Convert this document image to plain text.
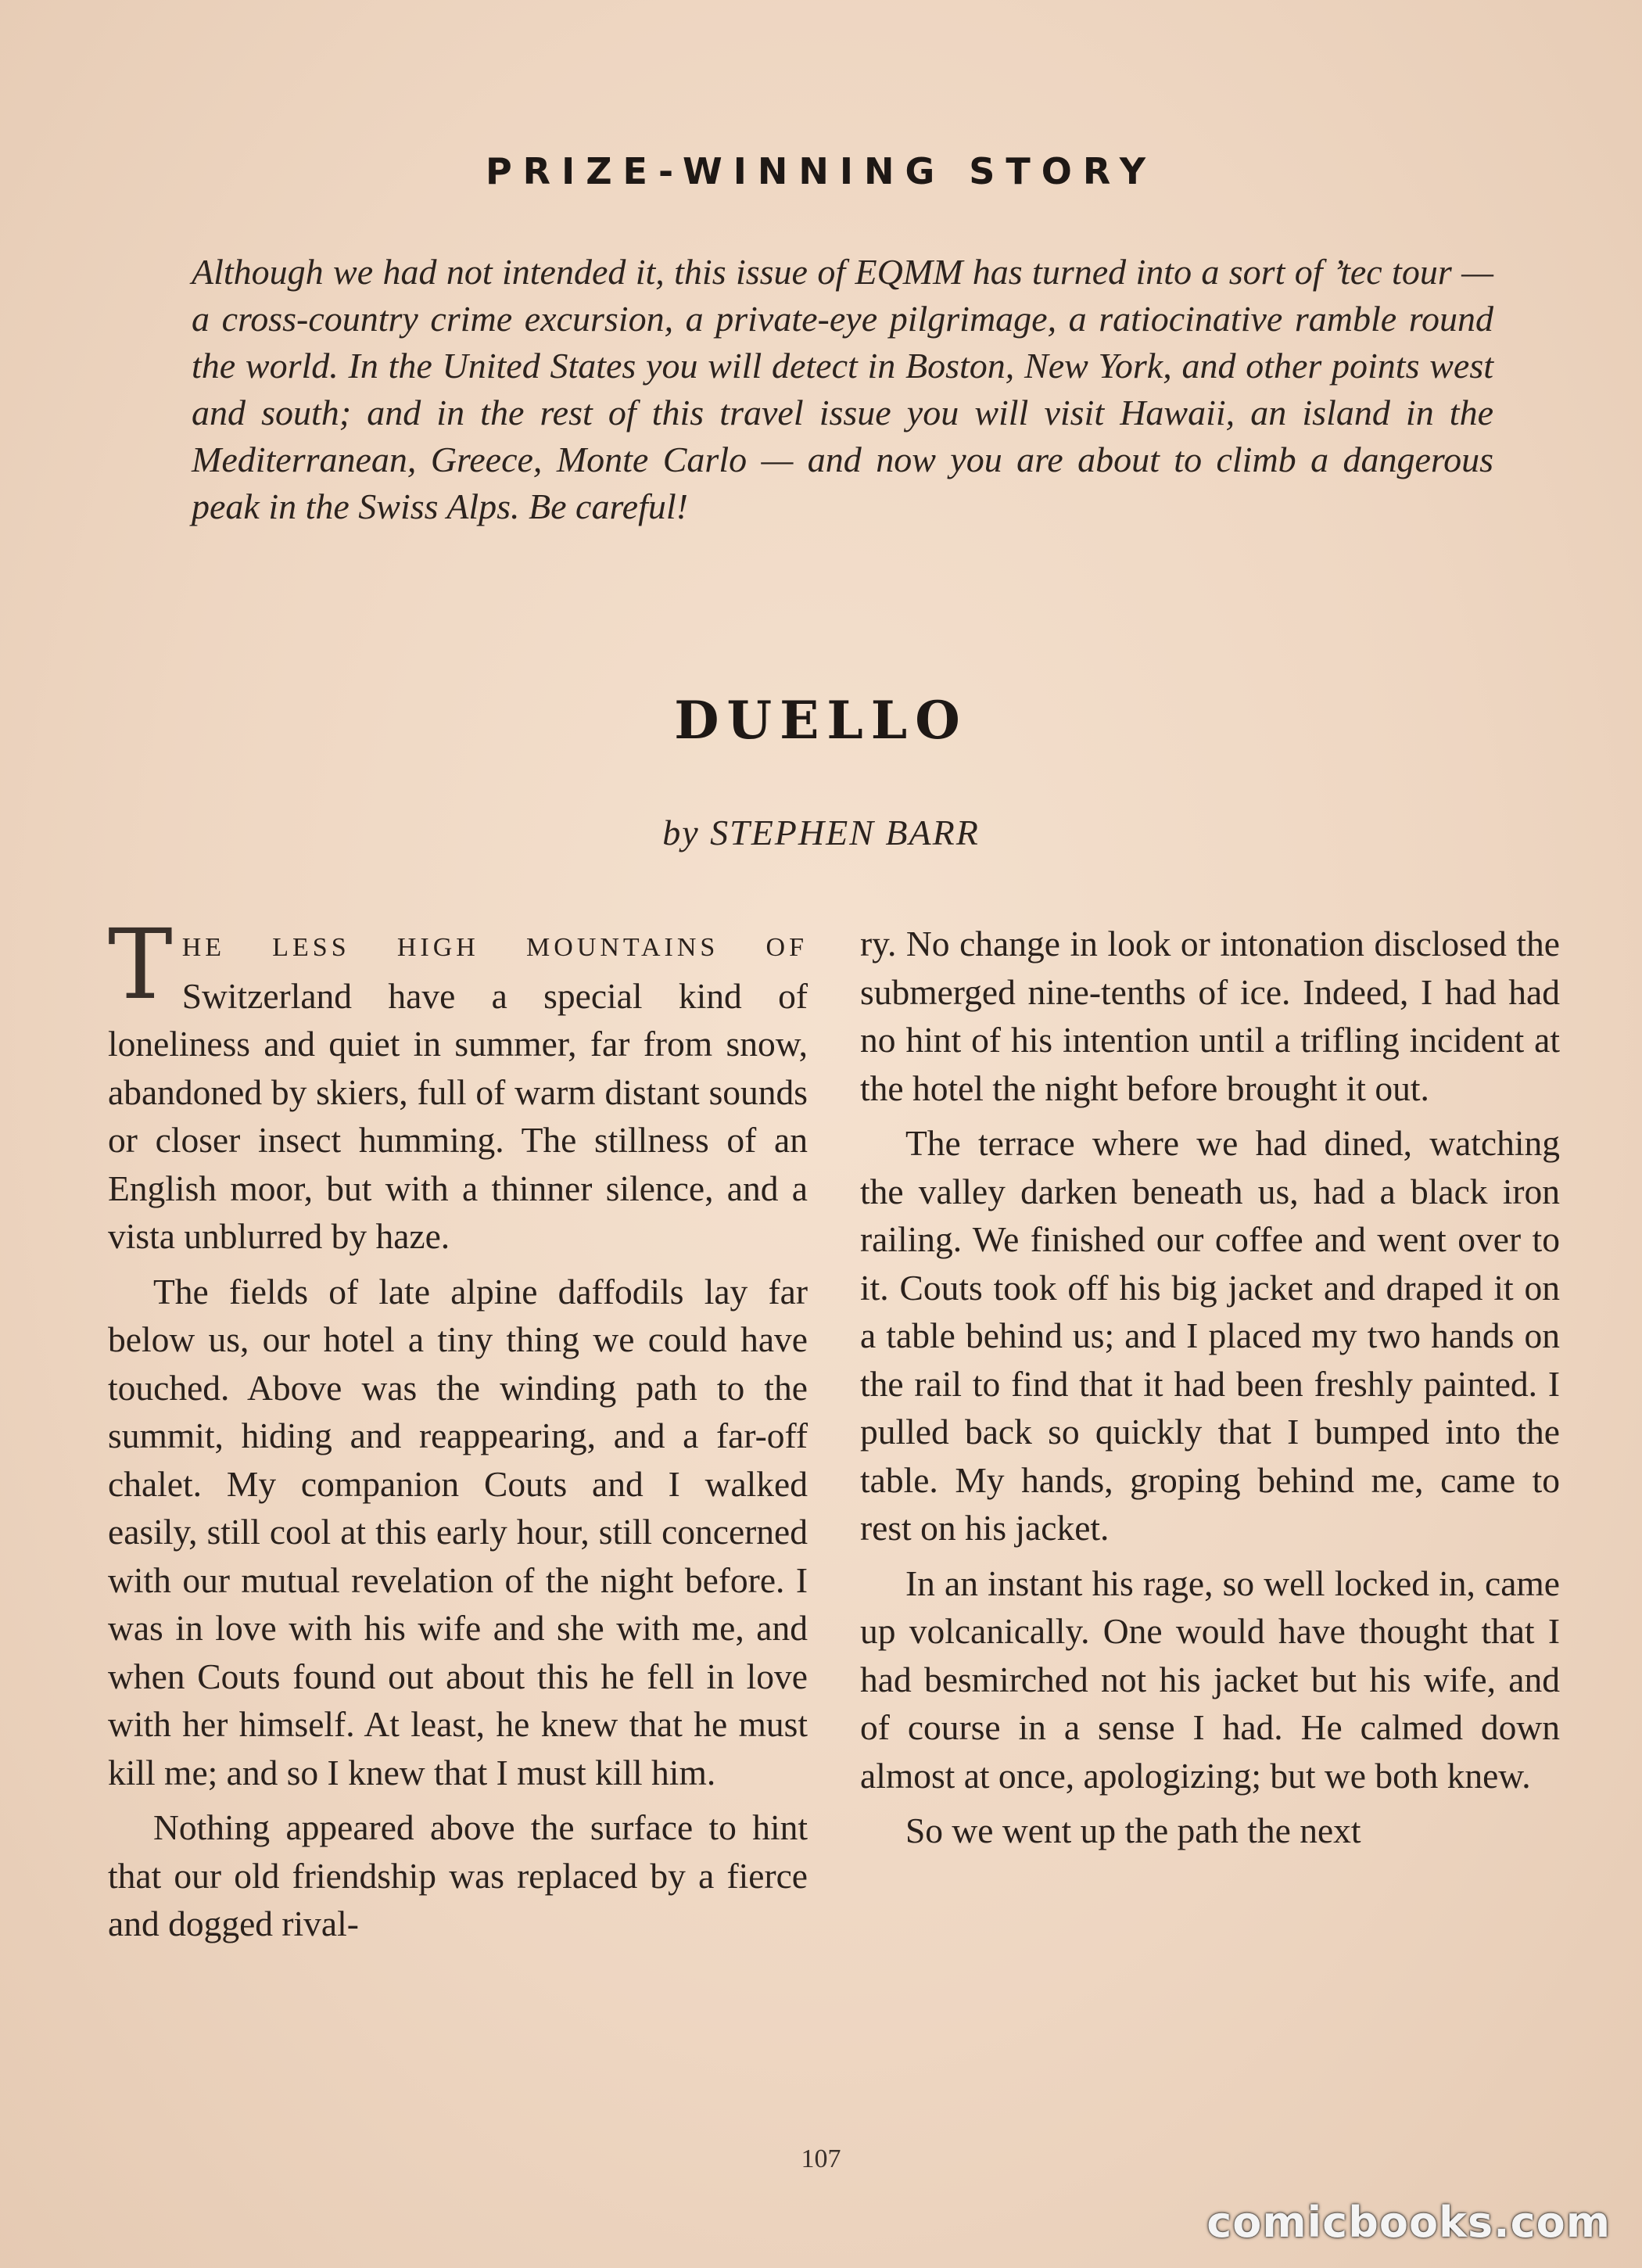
PRIZE-WINNING STORY
Although we had not intended it, this issue of EQMM has turned into a sort of ’tec tour — a cross-country crime excursion, a private-eye pilgrimage, a ratiocinative ramble round the world. In the United States you will detect in Boston, New York, and other points west and south; and in the rest of this travel issue you will visit Hawaii, an island in the Mediterranean, Greece, Monte Carlo — and now you are about to climb a dangerous peak in the Swiss Alps. Be careful!
DUELLO
by STEPHEN BARR

THE LESS HIGH MOUNTAINS OF Switzerland have a special kind of loneliness and quiet in summer, far from snow, abandoned by skiers, full of warm distant sounds or closer insect humming. The stillness of an English moor, but with a thinner silence, and a vista unblurred by haze.

The fields of late alpine daffodils lay far below us, our hotel a tiny thing we could have touched. Above was the winding path to the summit, hiding and reappearing, and a far-off chalet. My companion Couts and I walked easily, still cool at this early hour, still concerned with our mutual revelation of the night before. I was in love with his wife and she with me, and when Couts found out about this he fell in love with her himself. At least, he knew that he must kill me; and so I knew that I must kill him.

Nothing appeared above the surface to hint that our old friendship was replaced by a fierce and dogged rival-

ry. No change in look or intonation disclosed the submerged nine-tenths of ice. Indeed, I had had no hint of his intention until a trifling incident at the hotel the night before brought it out.

The terrace where we had dined, watching the valley darken beneath us, had a black iron railing. We finished our coffee and went over to it. Couts took off his big jacket and draped it on a table behind us; and I placed my two hands on the rail to find that it had been freshly painted. I pulled back so quickly that I bumped into the table. My hands, groping behind me, came to rest on his jacket.

In an instant his rage, so well locked in, came up volcanically. One would have thought that I had besmirched not his jacket but his wife, and of course in a sense I had. He calmed down almost at once, apologizing; but we both knew.

So we went up the path the next

107
comicbooks.com
